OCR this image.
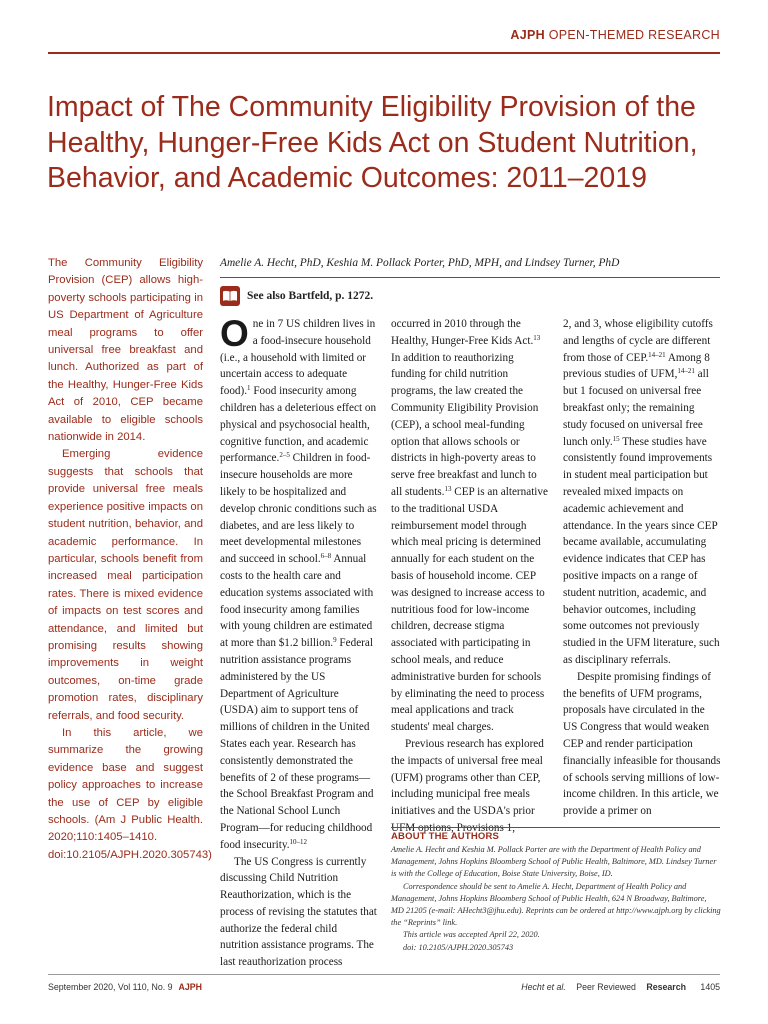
AJPH OPEN-THEMED RESEARCH
Impact of The Community Eligibility Provision of the Healthy, Hunger-Free Kids Act on Student Nutrition, Behavior, and Academic Outcomes: 2011–2019

The Community Eligibility Provision (CEP) allows high-poverty schools participating in US Department of Agriculture meal programs to offer universal free breakfast and lunch. Authorized as part of the Healthy, Hunger-Free Kids Act of 2010, CEP became available to eligible schools nationwide in 2014.

Emerging evidence suggests that schools that provide universal free meals experience positive impacts on student nutrition, behavior, and academic performance. In particular, schools benefit from increased meal participation rates. There is mixed evidence of impacts on test scores and attendance, and limited but promising results showing improvements in weight outcomes, on-time grade promotion rates, disciplinary referrals, and food security.

In this article, we summarize the growing evidence base and suggest policy approaches to increase the use of CEP by eligible schools. (Am J Public Health. 2020;110:1405–1410. doi:10.2105/AJPH.2020.305743)

Amelie A. Hecht, PhD, Keshia M. Pollack Porter, PhD, MPH, and Lindsey Turner, PhD
See also Bartfeld, p. 1272.

One in 7 US children lives in a food-insecure household (i.e., a household with limited or uncertain access to adequate food).$^1$ Food insecurity among children has a deleterious effect on physical and psychosocial health, cognitive function, and academic performance.$^{2-5}$ Children in food-insecure households are more likely to be hospitalized and develop chronic conditions such as diabetes, and are less likely to meet developmental milestones and succeed in school.$^{6-8}$ Annual costs to the health care and education systems associated with food insecurity among families with young children are estimated at more than $1.2 billion.$^9$ Federal nutrition assistance programs administered by the US Department of Agriculture (USDA) aim to support tens of millions of children in the United States each year. Research has consistently demonstrated the benefits of 2 of these programs—the School Breakfast Program and the National School Lunch Program—for reducing childhood food insecurity.$^{10-12}$

The US Congress is currently discussing Child Nutrition Reauthorization, which is the process of revising the statutes that authorize the federal child nutrition assistance programs. The last reauthorization process

occurred in 2010 through the Healthy, Hunger-Free Kids Act.$^{13}$ In addition to reauthorizing funding for child nutrition programs, the law created the Community Eligibility Provision (CEP), a school meal-funding option that allows schools or districts in high-poverty areas to serve free breakfast and lunch to all students.$^{13}$ CEP is an alternative to the traditional USDA reimbursement model through which meal pricing is determined annually for each student on the basis of household income. CEP was designed to increase access to nutritious food for low-income children, decrease stigma associated with participating in school meals, and reduce administrative burden for schools by eliminating the need to process meal applications and track students' meal charges.

Previous research has explored the impacts of universal free meal (UFM) programs other than CEP, including municipal free meals initiatives and the USDA's prior UFM options, Provisions 1,

2, and 3, whose eligibility cutoffs and lengths of cycle are different from those of CEP.$^{14-21}$ Among 8 previous studies of UFM,$^{14-21}$ all but 1 focused on universal free breakfast only; the remaining study focused on universal free lunch only.$^{15}$ These studies have consistently found improvements in student meal participation but revealed mixed impacts on academic achievement and attendance. In the years since CEP became available, accumulating evidence indicates that CEP has positive impacts on a range of student nutrition, academic, and behavior outcomes, including some outcomes not previously studied in the UFM literature, such as disciplinary referrals.

Despite promising findings of the benefits of UFM programs, proposals have circulated in the US Congress that would weaken CEP and render participation financially infeasible for thousands of schools serving millions of low-income children. In this article, we provide a primer on

ABOUT THE AUTHORS

Amelie A. Hecht and Keshia M. Pollack Porter are with the Department of Health Policy and Management, Johns Hopkins Bloomberg School of Public Health, Baltimore, MD. Lindsey Turner is with the College of Education, Boise State University, Boise, ID.

Correspondence should be sent to Amelie A. Hecht, Department of Health Policy and Management, Johns Hopkins Bloomberg School of Public Health, 624 N Broadway, Baltimore, MD 21205 (e-mail: AHecht3@jhu.edu). Reprints can be ordered at http://www.ajph.org by clicking the “Reprints” link.

This article was accepted April 22, 2020.

doi: 10.2105/AJPH.2020.305743

September 2020, Vol 110, No. 9 AJPH	Hecht et al. Peer Reviewed Research 1405
